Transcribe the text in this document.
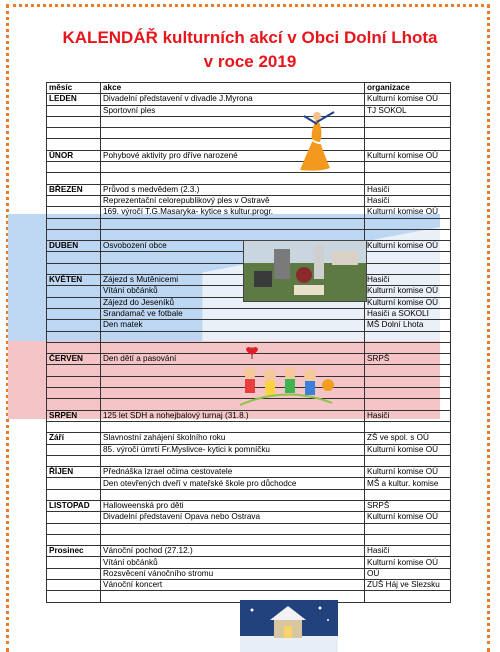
KALENDÁŘ kulturních akcí v Obci Dolní Lhota
v roce 2019
měsíc	akce	organizace
LEDEN	Divadelní představení v divadle J.Myrona	Kulturní komise OÚ
	Sportovní ples	TJ SOKOL

ÚNOR	Pohybové aktivity pro dříve narozené	Kulturní komise OÚ

BŘEZEN	Průvod s medvědem (2.3.)	Hasiči
	Reprezentační celorepublikový ples v Ostravě	Hasiči
	169. výročí T.G.Masaryka- kytice s kultur.progr.	Kulturní komise OÚ

DUBEN	Osvobození obce	Kulturní komise OÚ

KVĚTEN	Zájezd s Mutěnicemi	Hasiči
	Vítání občánků	Kulturní komise OÚ
	Zájezd do Jeseníků	Kulturní komise OÚ
	Srandamač ve fotbale	Hasiči a SOKOLI
	Den matek	MŠ Dolní Lhota

ČERVEN	Den dětí a pasování	SRPŠ

SRPEN	125 let SDH a nohejbalový turnaj (31.8.)	Hasiči

Září	Slavnostní zahájení školního roku	ZŠ ve spol. s OÚ
	85. výročí úmrtí Fr.Myslivce- kytici k pomníčku	Kulturní komise OÚ

ŘÍJEN	Přednáška Izrael očima cestovatele	Kulturní komise OÚ
	Den otevřených dveří v mateřské škole pro důchodce	MŠ a kultur. komise

LISTOPAD	Halloweenská pro děti	SRPŠ
	Divadelní představení Opava nebo Ostrava	Kulturní komise OÚ

Prosinec	Vánoční pochod (27.12.)	Hasiči
	Vítání občánků	Kulturní komise OÚ
	Rozsvěcení vánočního stromu	OÚ
	Vánoční koncert	ZUŠ Háj ve Slezsku
